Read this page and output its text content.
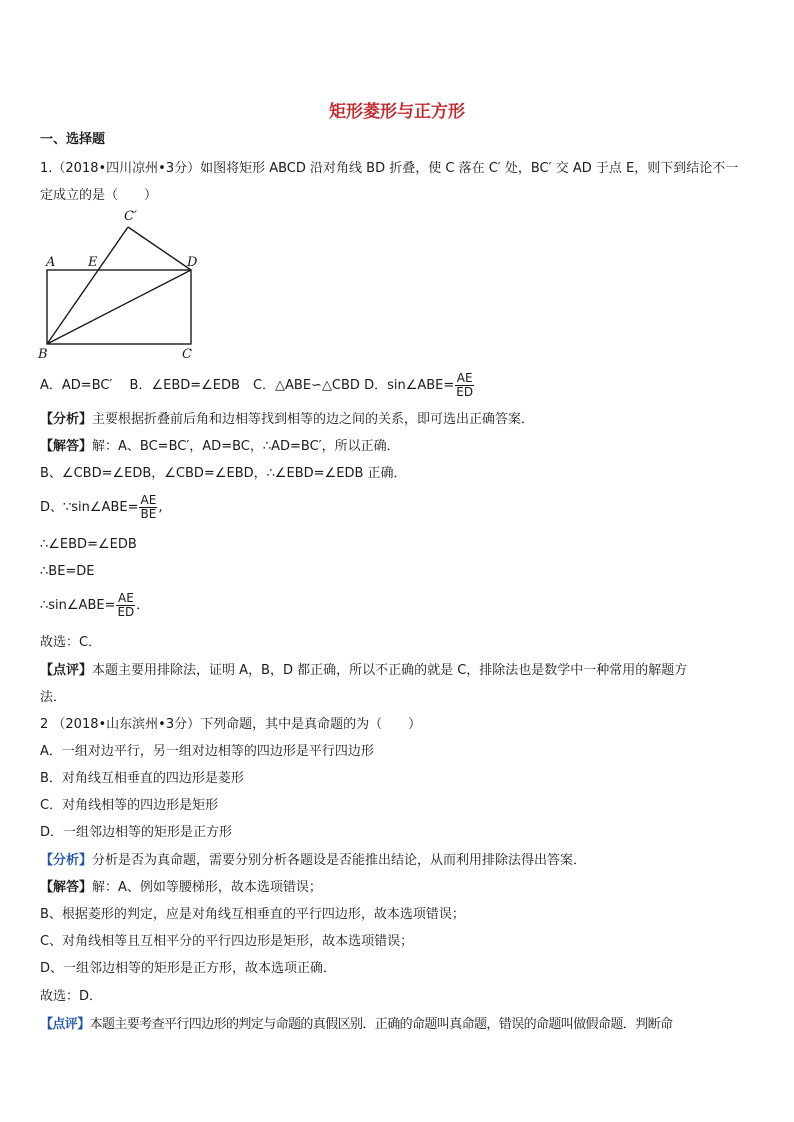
矩形菱形与正方形
一、选择题
1.（2018•四川凉州•3分）如图将矩形 ABCD 沿对角线 BD 折叠，使 C 落在 C′ 处，BC′ 交 AD 于点 E，则下到结论不一
定成立的是（　　）
C′
A	E	D
B	C
A．AD=BC′　 B．∠EBD=∠EDB　C．△ABE∽△CBD D．sin∠ABE= $\frac{AE}{ED}$
【分析】主要根据折叠前后角和边相等找到相等的边之间的关系，即可选出正确答案．
【解答】解：A、BC=BC′，AD=BC，∴AD=BC′，所以正确．
B、∠CBD=∠EDB，∠CBD=∠EBD，∴∠EBD=∠EDB 正确．
D、∵sin∠ABE= $\frac{AE}{BE}$ ,
∴∠EBD=∠EDB
∴BE=DE
∴sin∠ABE= $\frac{AE}{ED}$ ．
故选：C．
【点评】本题主要用排除法，证明 A，B，D 都正确，所以不正确的就是 C，排除法也是数学中一种常用的解题方
法．
2 （2018•山东滨州•3分）下列命题，其中是真命题的为（　　）
A．一组对边平行，另一组对边相等的四边形是平行四边形
B．对角线互相垂直的四边形是菱形
C．对角线相等的四边形是矩形
D．一组邻边相等的矩形是正方形
【分析】分析是否为真命题，需要分别分析各题设是否能推出结论，从而利用排除法得出答案．
【解答】解：A、例如等腰梯形，故本选项错误；
B、根据菱形的判定，应是对角线互相垂直的平行四边形，故本选项错误；
C、对角线相等且互相平分的平行四边形是矩形，故本选项错误；
D、一组邻边相等的矩形是正方形，故本选项正确．
故选：D．
【点评】本题主要考查平行四边形的判定与命题的真假区别．正确的命题叫真命题，错误的命题叫做假命题．判断命
